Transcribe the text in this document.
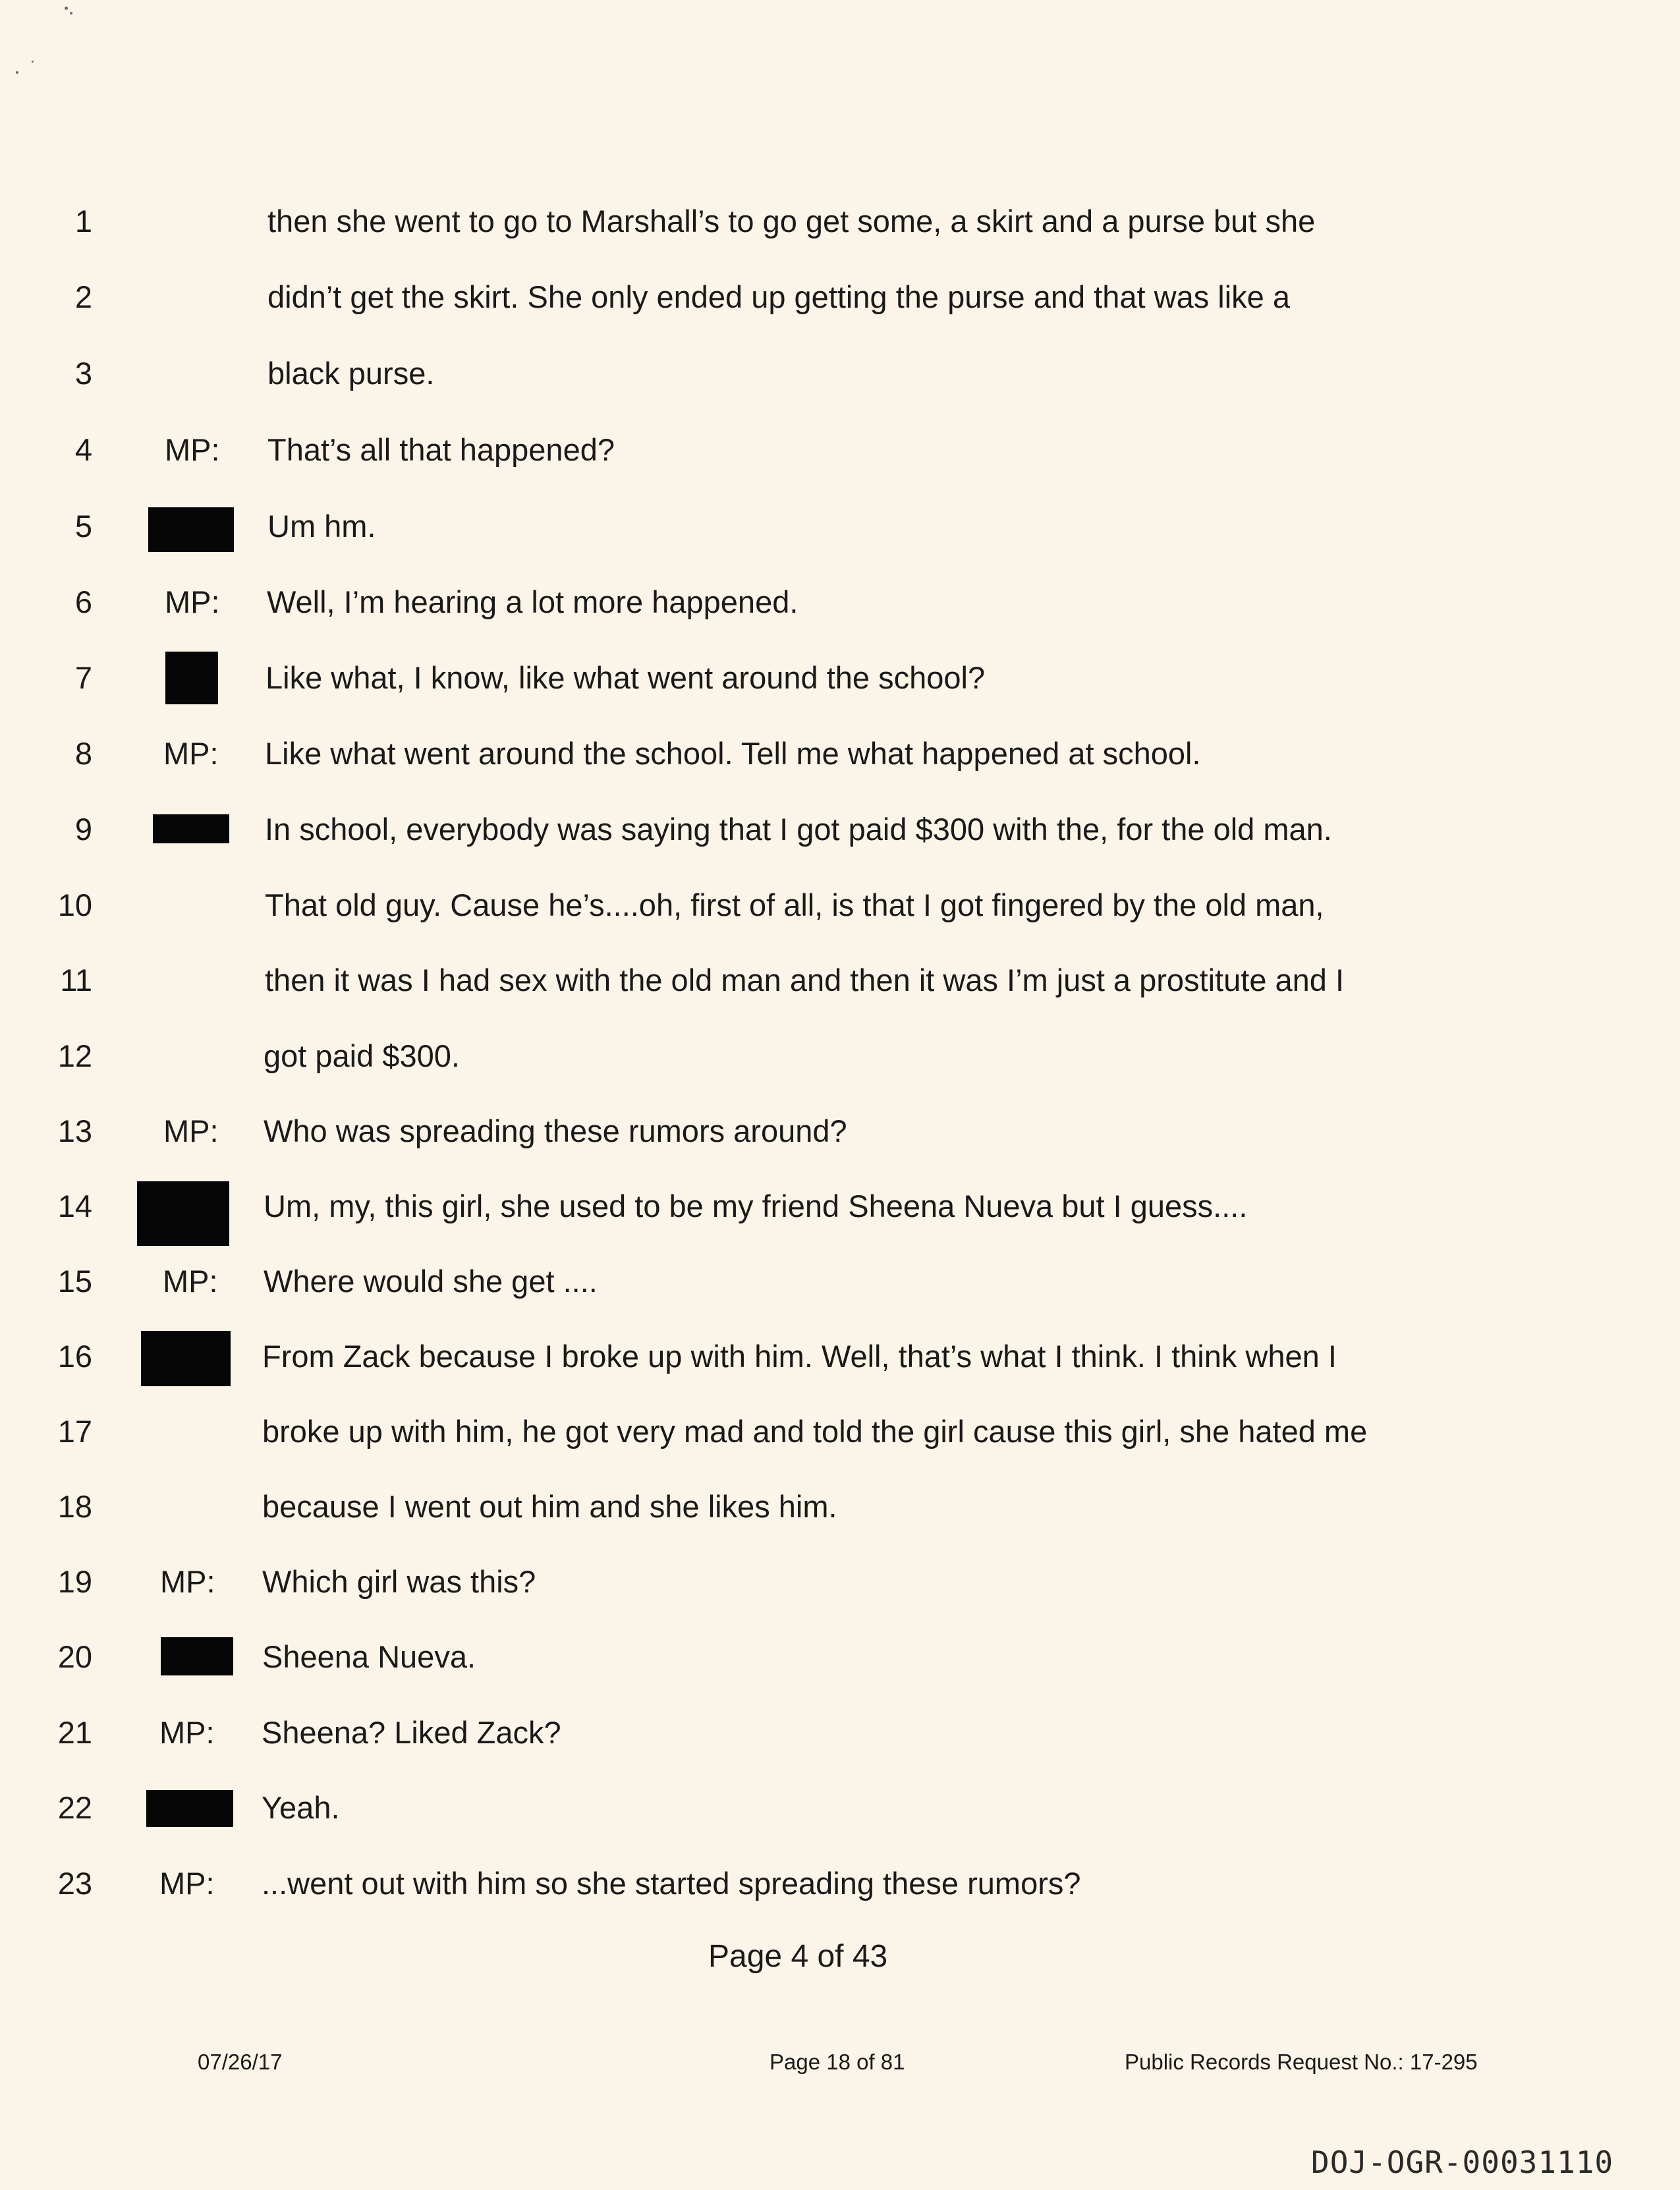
1	then she went to go to Marshall’s to go get some, a skirt and a purse but she
2	didn’t get the skirt. She only ended up getting the purse and that was like a
3	black purse.
4 MP: That’s all that happened?
5	Um hm.
6 MP: Well, I’m hearing a lot more happened.
7	Like what, I know, like what went around the school?
8 MP: Like what went around the school. Tell me what happened at school.
9	In school, everybody was saying that I got paid $300 with the, for the old man.
10	That old guy. Cause he’s....oh, first of all, is that I got fingered by the old man,
11	then it was I had sex with the old man and then it was I’m just a prostitute and I
12	got paid $300.
13 MP: Who was spreading these rumors around?
14	Um, my, this girl, she used to be my friend Sheena Nueva but I guess....
15 MP: Where would she get ....
16	From Zack because I broke up with him. Well, that’s what I think. I think when I
17	broke up with him, he got very mad and told the girl cause this girl, she hated me
18	because I went out him and she likes him.
19 MP: Which girl was this?
20	Sheena Nueva.
21 MP: Sheena? Liked Zack?
22	Yeah.
23 MP: ...went out with him so she started spreading these rumors?
Page 4 of 43
07/26/17	Page 18 of 81	Public Records Request No.: 17-295
DOJ-OGR-00031110
